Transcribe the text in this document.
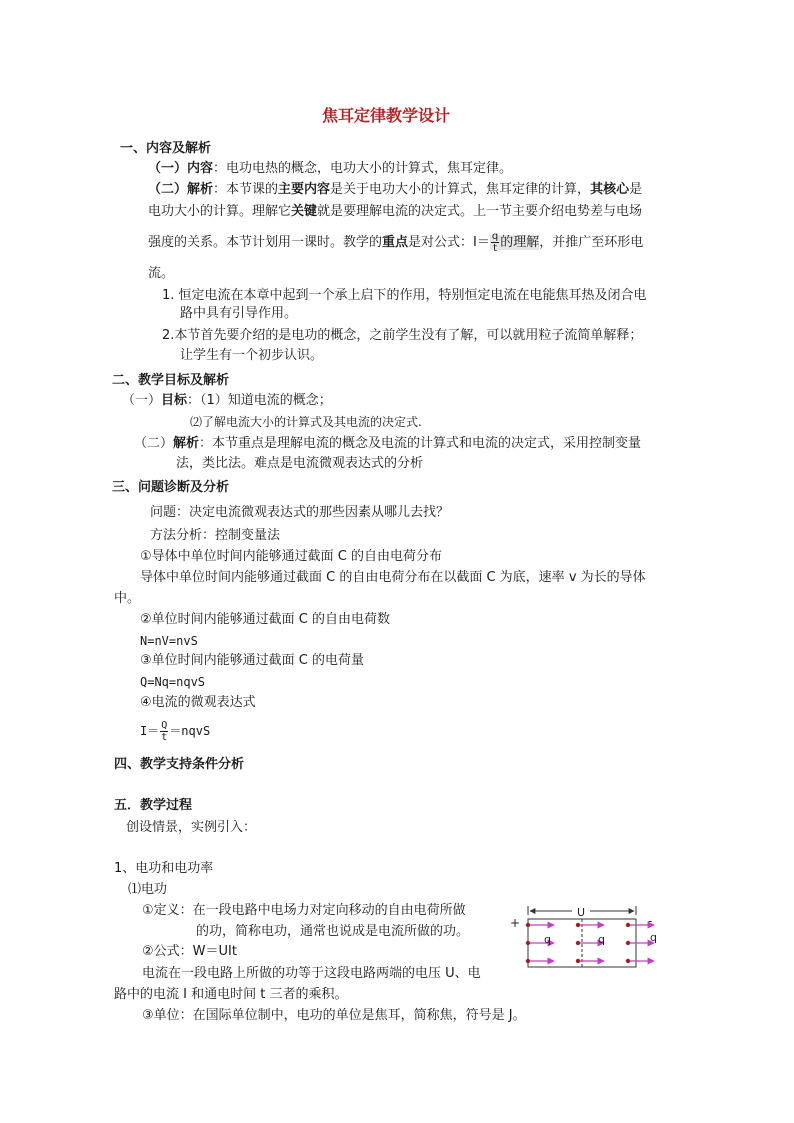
焦耳定律教学设计
一、内容及解析
（一）内容：电功电热的概念，电功大小的计算式，焦耳定律。
（二）解析：本节课的主要内容是关于电功大小的计算式，焦耳定律的计算，其核心是
电功大小的计算。理解它关键就是要理解电流的决定式。上一节主要介绍电势差与电场
强度的关系。本节计划用一课时。教学的重点是对公式：$I= \frac{q}{t}$ 的理解，并推广至环形电
流。
1. 恒定电流在本章中起到一个承上启下的作用，特别恒定电流在电能焦耳热及闭合电
路中具有引导作用。
2.本节首先要介绍的是电功的概念，之前学生没有了解，可以就用粒子流简单解释；
让学生有一个初步认识。
二、教学目标及解析
（一）目标：（1）知道电流的概念；
⑵了解电流大小的计算式及其电流的决定式.
（二）解析：本节重点是理解电流的概念及电流的计算式和电流的决定式，采用控制变量
法，类比法。难点是电流微观表达式的分析
三、问题诊断及分析
问题：决定电流微观表达式的那些因素从哪儿去找？
方法分析：控制变量法
①导体中单位时间内能够通过截面 C 的自由电荷分布
导体中单位时间内能够通过截面 C 的自由电荷分布在以截面 C 为底，速率 v 为长的导体
中。
②单位时间内能够通过截面 C 的自由电荷数
N=nV=nvS
③单位时间内能够通过截面 C 的电荷量
Q=Nq=nqvS
④电流的微观表达式
$I= \frac{Q}{t}$ ＝nqvS
四、教学支持条件分析
五．教学过程
创设情景，实例引入：
1、电功和电功率
⑴电功
①定义：在一段电路中电场力对定向移动的自由电荷所做
的功，简称电功，通常也说成是电流所做的功。
②公式：W＝UIt
电流在一段电路上所做的功等于这段电路两端的电压 U、电
路中的电流 I 和通电时间 t 三者的乘积。
③单位：在国际单位制中，电功的单位是焦耳，简称焦，符号是 J。
U
+	-
q	q	q
